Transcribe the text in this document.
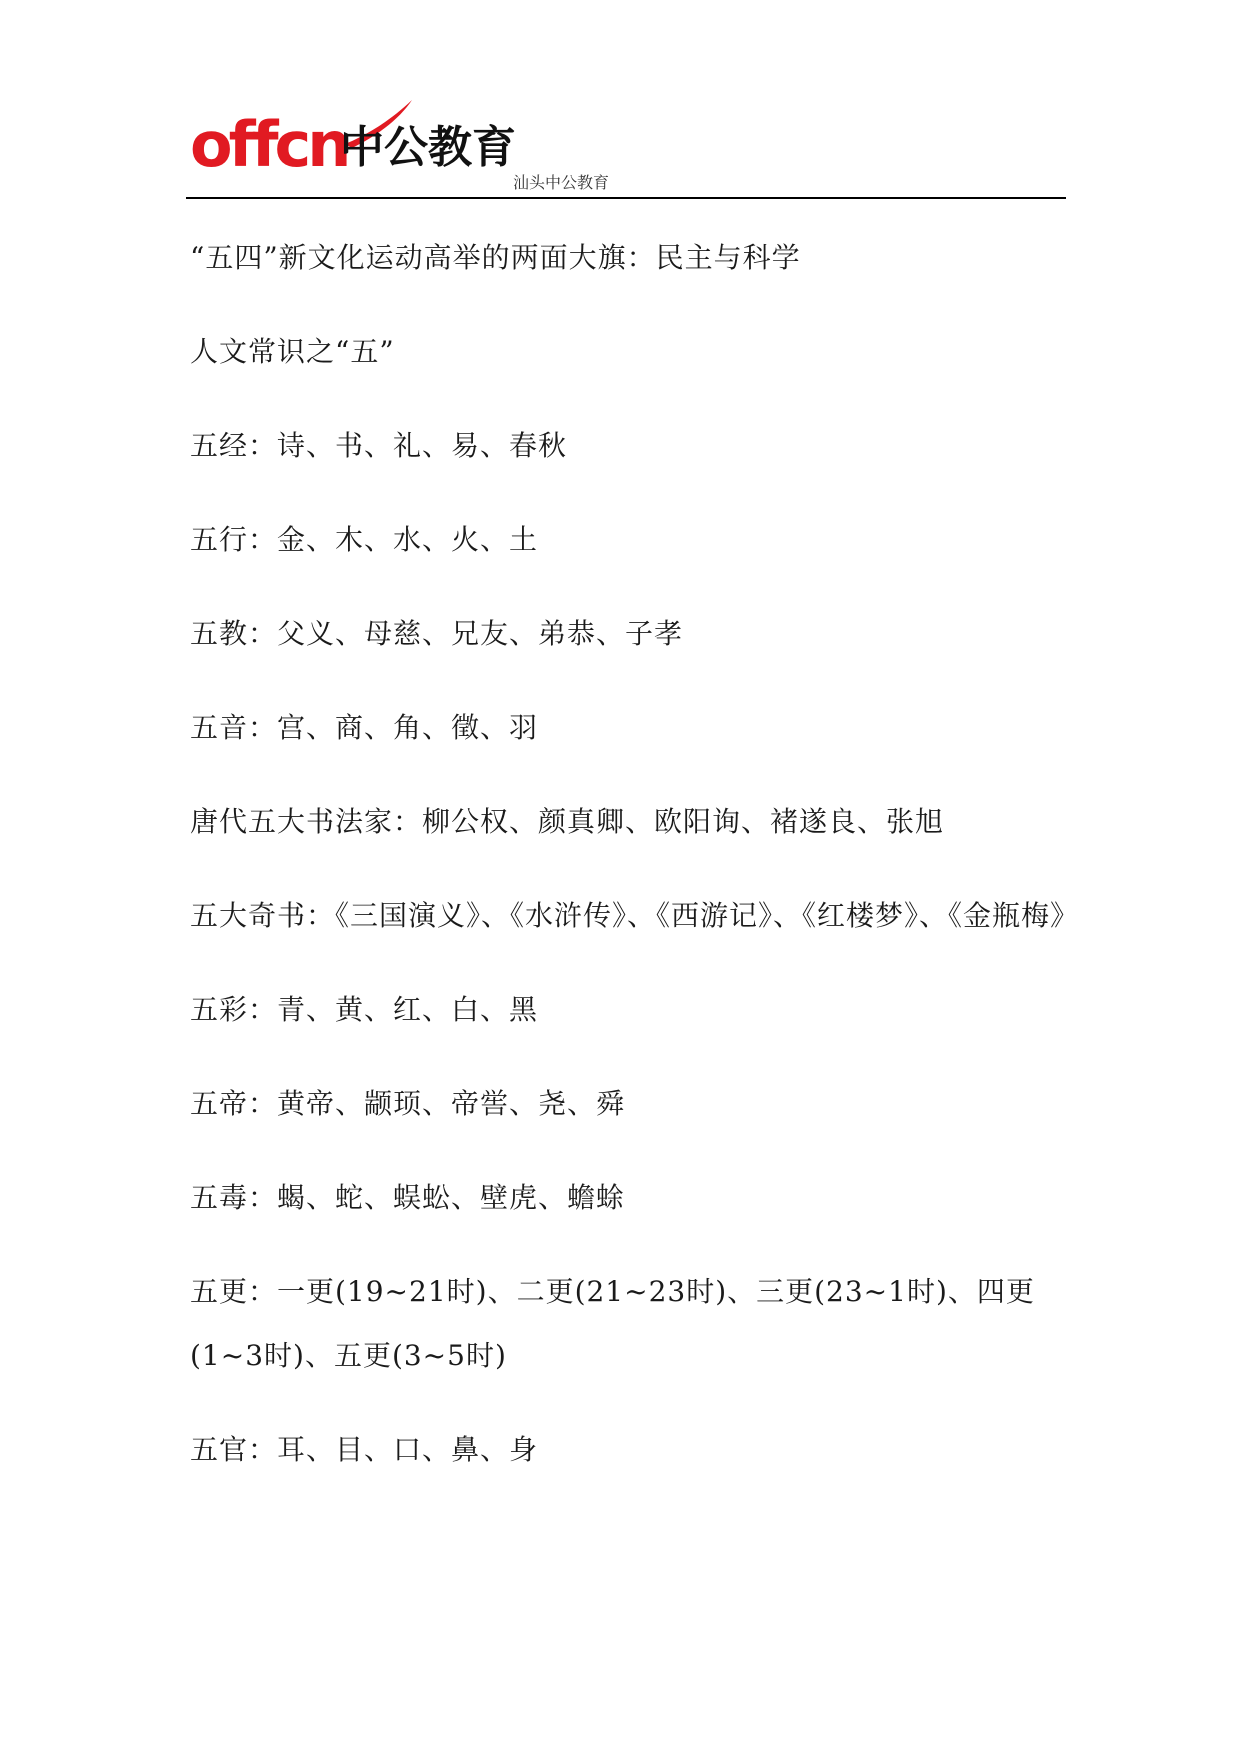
offcn
中公教育
汕头中公教育

“五四”新文化运动高举的两面大旗：民主与科学

人文常识之“五”

五经：诗、书、礼、易、春秋

五行：金、木、水、火、土

五教：父义、母慈、兄友、弟恭、子孝

五音：宫、商、角、徵、羽

唐代五大书法家：柳公权、颜真卿、欧阳询、褚遂良、张旭

五大奇书：《三国演义》、《水浒传》、《西游记》、《红楼梦》、《金瓶梅》

五彩：青、黄、红、白、黑

五帝：黄帝、颛顼、帝喾、尧、舜

五毒：蝎、蛇、蜈蚣、壁虎、蟾蜍

五更：一更(19~21时)、二更(21~23时)、三更(23~1时)、四更(1~3时)、五更(3~5时)

五官：耳、目、口、鼻、身
